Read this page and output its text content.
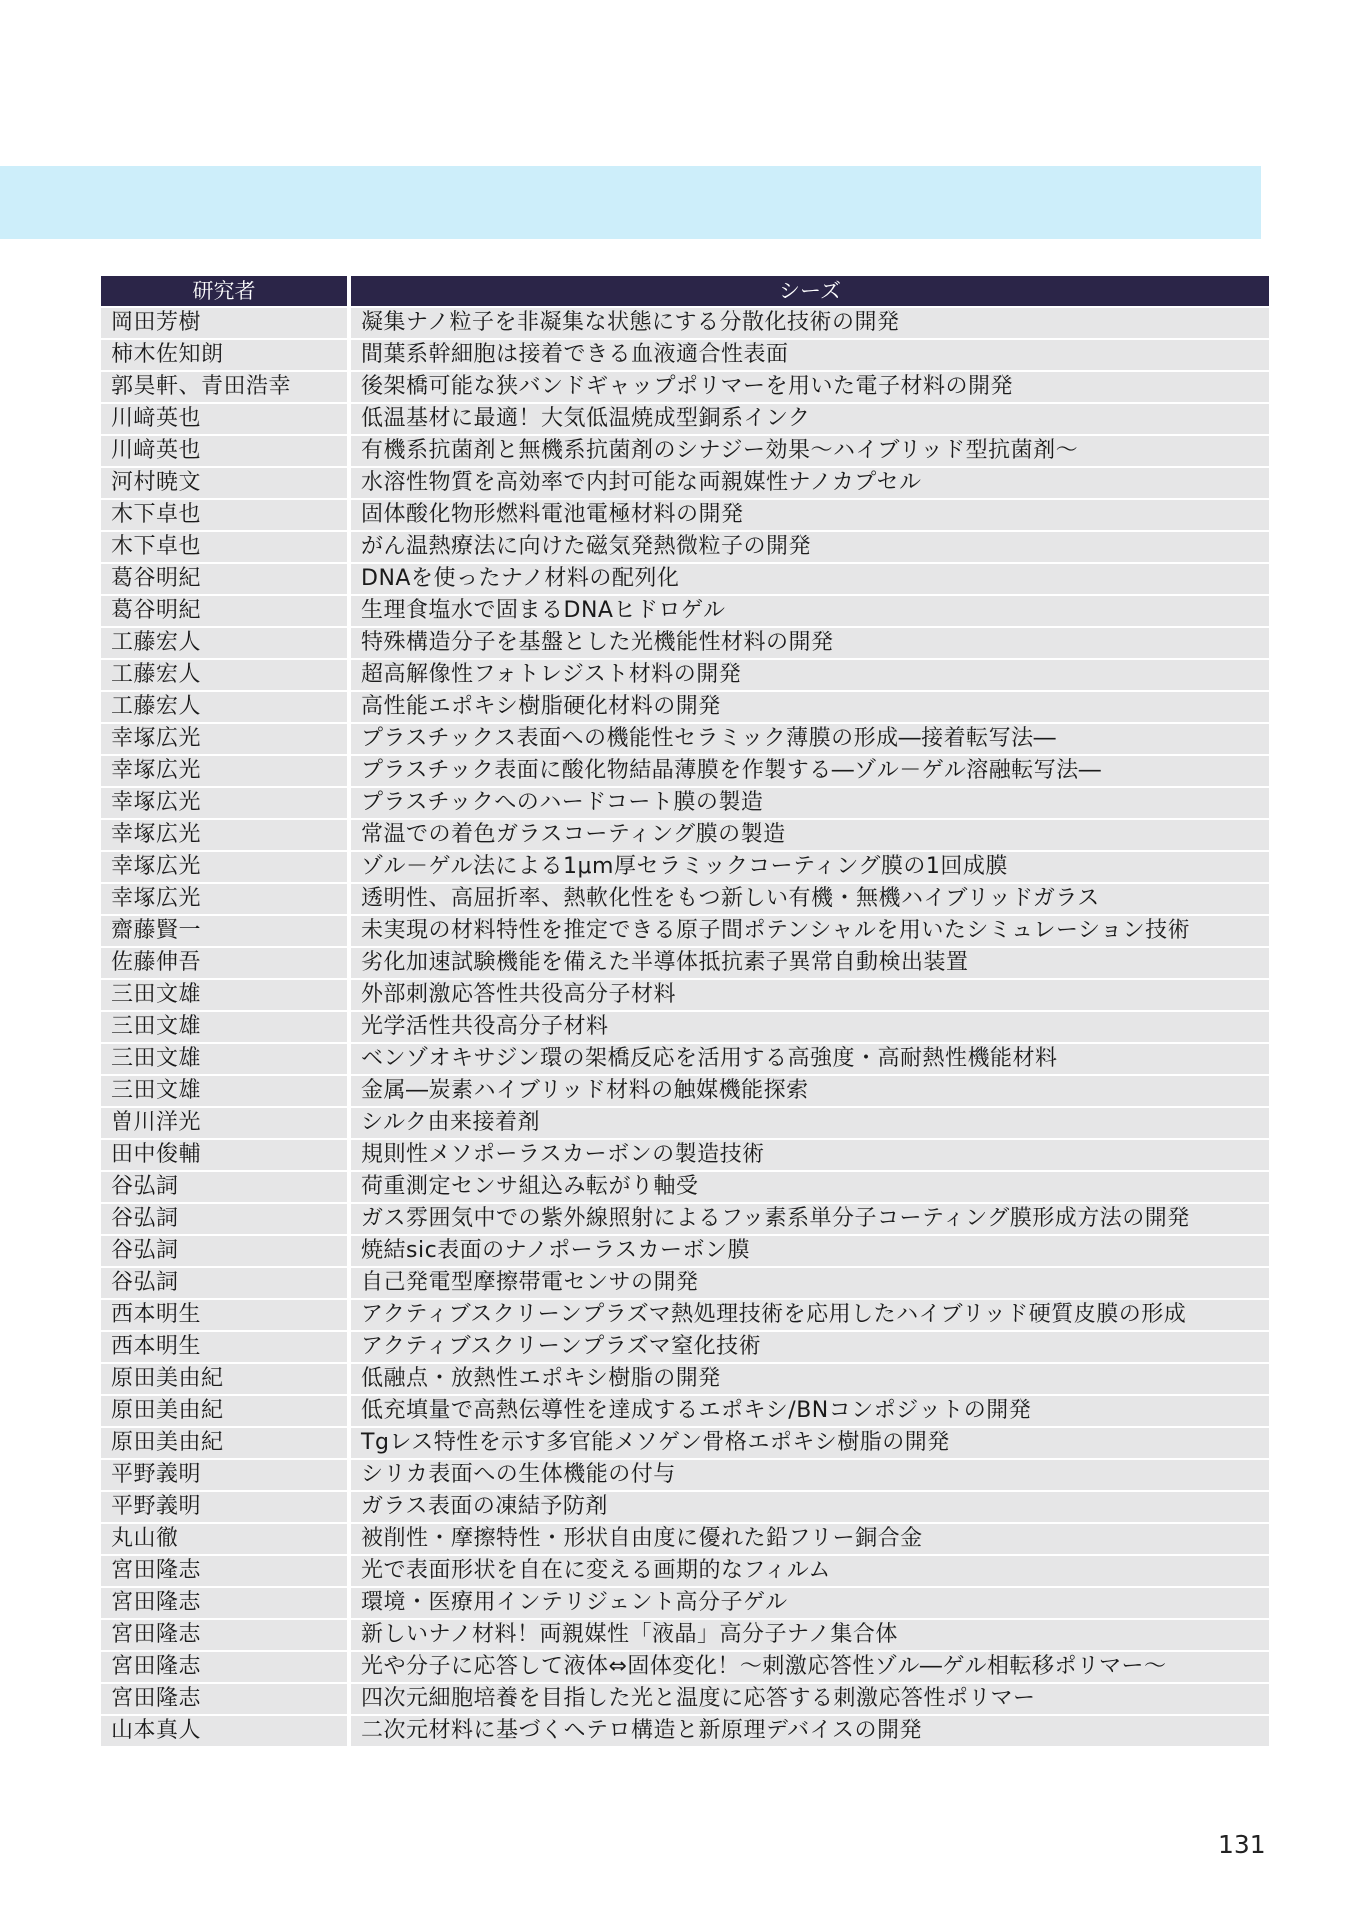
研究者	シーズ
岡田芳樹	凝集ナノ粒子を非凝集な状態にする分散化技術の開発
柿木佐知朗	間葉系幹細胞は接着できる血液適合性表面
郭昊軒、青田浩幸	後架橋可能な狭バンドギャップポリマーを用いた電子材料の開発
川﨑英也	低温基材に最適！大気低温焼成型銅系インク
川﨑英也	有機系抗菌剤と無機系抗菌剤のシナジー効果〜ハイブリッド型抗菌剤〜
河村暁文	水溶性物質を高効率で内封可能な両親媒性ナノカプセル
木下卓也	固体酸化物形燃料電池電極材料の開発
木下卓也	がん温熱療法に向けた磁気発熱微粒子の開発
葛谷明紀	DNAを使ったナノ材料の配列化
葛谷明紀	生理食塩水で固まるDNAヒドロゲル
工藤宏人	特殊構造分子を基盤とした光機能性材料の開発
工藤宏人	超高解像性フォトレジスト材料の開発
工藤宏人	高性能エポキシ樹脂硬化材料の開発
幸塚広光	プラスチックス表面への機能性セラミック薄膜の形成―接着転写法―
幸塚広光	プラスチック表面に酸化物結晶薄膜を作製する―ゾル－ゲル溶融転写法―
幸塚広光	プラスチックへのハードコート膜の製造
幸塚広光	常温での着色ガラスコーティング膜の製造
幸塚広光	ゾル－ゲル法による1μm厚セラミックコーティング膜の1回成膜
幸塚広光	透明性、高屈折率、熱軟化性をもつ新しい有機・無機ハイブリッドガラス
齋藤賢一	未実現の材料特性を推定できる原子間ポテンシャルを用いたシミュレーション技術
佐藤伸吾	劣化加速試験機能を備えた半導体抵抗素子異常自動検出装置
三田文雄	外部刺激応答性共役高分子材料
三田文雄	光学活性共役高分子材料
三田文雄	ベンゾオキサジン環の架橋反応を活用する高強度・高耐熱性機能材料
三田文雄	金属―炭素ハイブリッド材料の触媒機能探索
曽川洋光	シルク由来接着剤
田中俊輔	規則性メソポーラスカーボンの製造技術
谷弘詞	荷重測定センサ組込み転がり軸受
谷弘詞	ガス雰囲気中での紫外線照射によるフッ素系単分子コーティング膜形成方法の開発
谷弘詞	焼結sic表面のナノポーラスカーボン膜
谷弘詞	自己発電型摩擦帯電センサの開発
西本明生	アクティブスクリーンプラズマ熱処理技術を応用したハイブリッド硬質皮膜の形成
西本明生	アクティブスクリーンプラズマ窒化技術
原田美由紀	低融点・放熱性エポキシ樹脂の開発
原田美由紀	低充填量で高熱伝導性を達成するエポキシ/BNコンポジットの開発
原田美由紀	Tgレス特性を示す多官能メソゲン骨格エポキシ樹脂の開発
平野義明	シリカ表面への生体機能の付与
平野義明	ガラス表面の凍結予防剤
丸山徹	被削性・摩擦特性・形状自由度に優れた鉛フリー銅合金
宮田隆志	光で表面形状を自在に変える画期的なフィルム
宮田隆志	環境・医療用インテリジェント高分子ゲル
宮田隆志	新しいナノ材料！両親媒性「液晶」高分子ナノ集合体
宮田隆志	光や分子に応答して液体⇔固体変化！〜刺激応答性ゾル―ゲル相転移ポリマー〜
宮田隆志	四次元細胞培養を目指した光と温度に応答する刺激応答性ポリマー
山本真人	二次元材料に基づくヘテロ構造と新原理デバイスの開発
131
